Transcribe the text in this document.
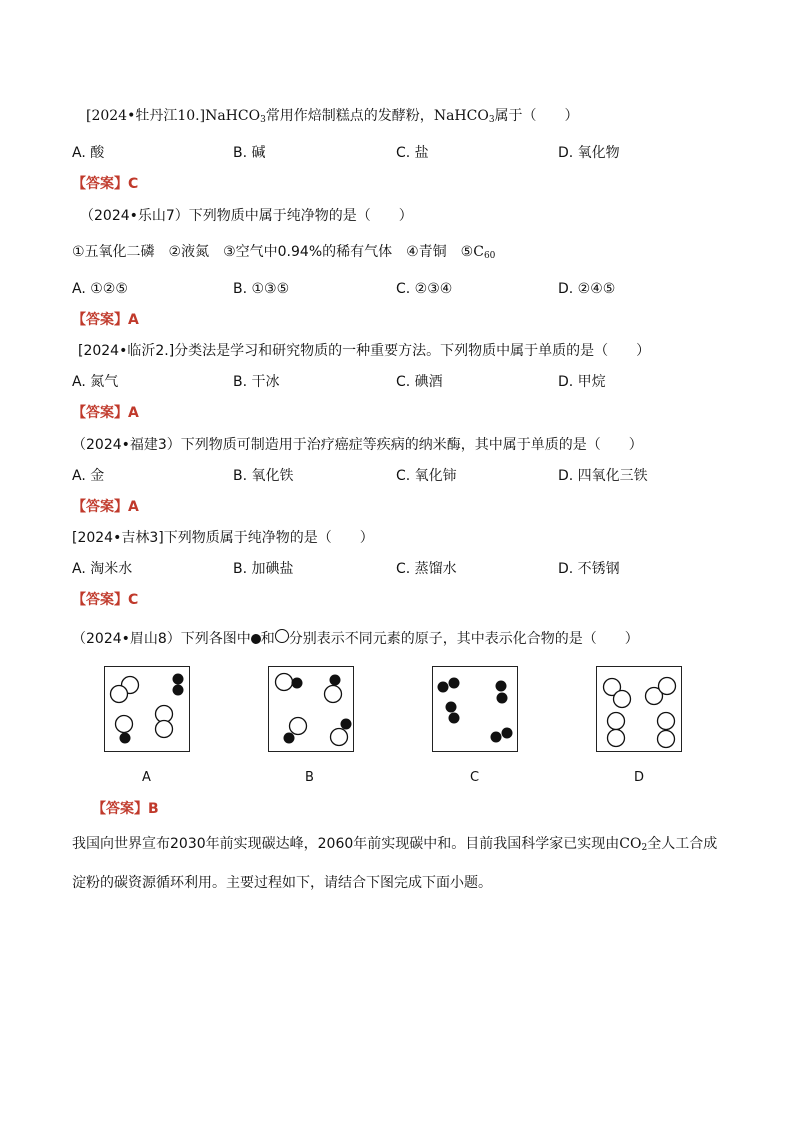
[2024•牡丹江10.]NaHCO$_3$常用作焙制糕点的发酵粉，NaHCO$_3$属于（　　）
A. 酸	B. 碱	C. 盐	D. 氧化物
【答案】C
（2024•乐山7）下列物质中属于纯净物的是（　　）
①五氧化二磷　②液氮　③空气中0.94%的稀有气体　④青铜　$⑤C_{60}$
A. ①②⑤	B. ①③⑤	C. ②③④	D. ②④⑤
【答案】A
[2024•临沂2.]分类法是学习和研究物质的一种重要方法。下列物质中属于单质的是（　　）
A. 氮气	B. 干冰	C. 碘酒	D. 甲烷
【答案】A
（2024•福建3）下列物质可制造用于治疗癌症等疾病的纳米酶，其中属于单质的是（　　）
A. 金	B. 氧化铁	C. 氧化铈	D. 四氧化三铁
【答案】A
[2024•吉林3]下列物质属于纯净物的是（　　）
A. 淘米水	B. 加碘盐	C. 蒸馏水	D. 不锈钢
【答案】C
（2024•眉山8）下列各图中 和 分别表示不同元素的原子，其中表示化合物的是（　　）
A	B	C	D
【答案】B
我国向世界宣布2030年前实现碳达峰，2060年前实现碳中和。目前我国科学家已实现由$CO_2$全人工合成
淀粉的碳资源循环利用。主要过程如下，请结合下图完成下面小题。
